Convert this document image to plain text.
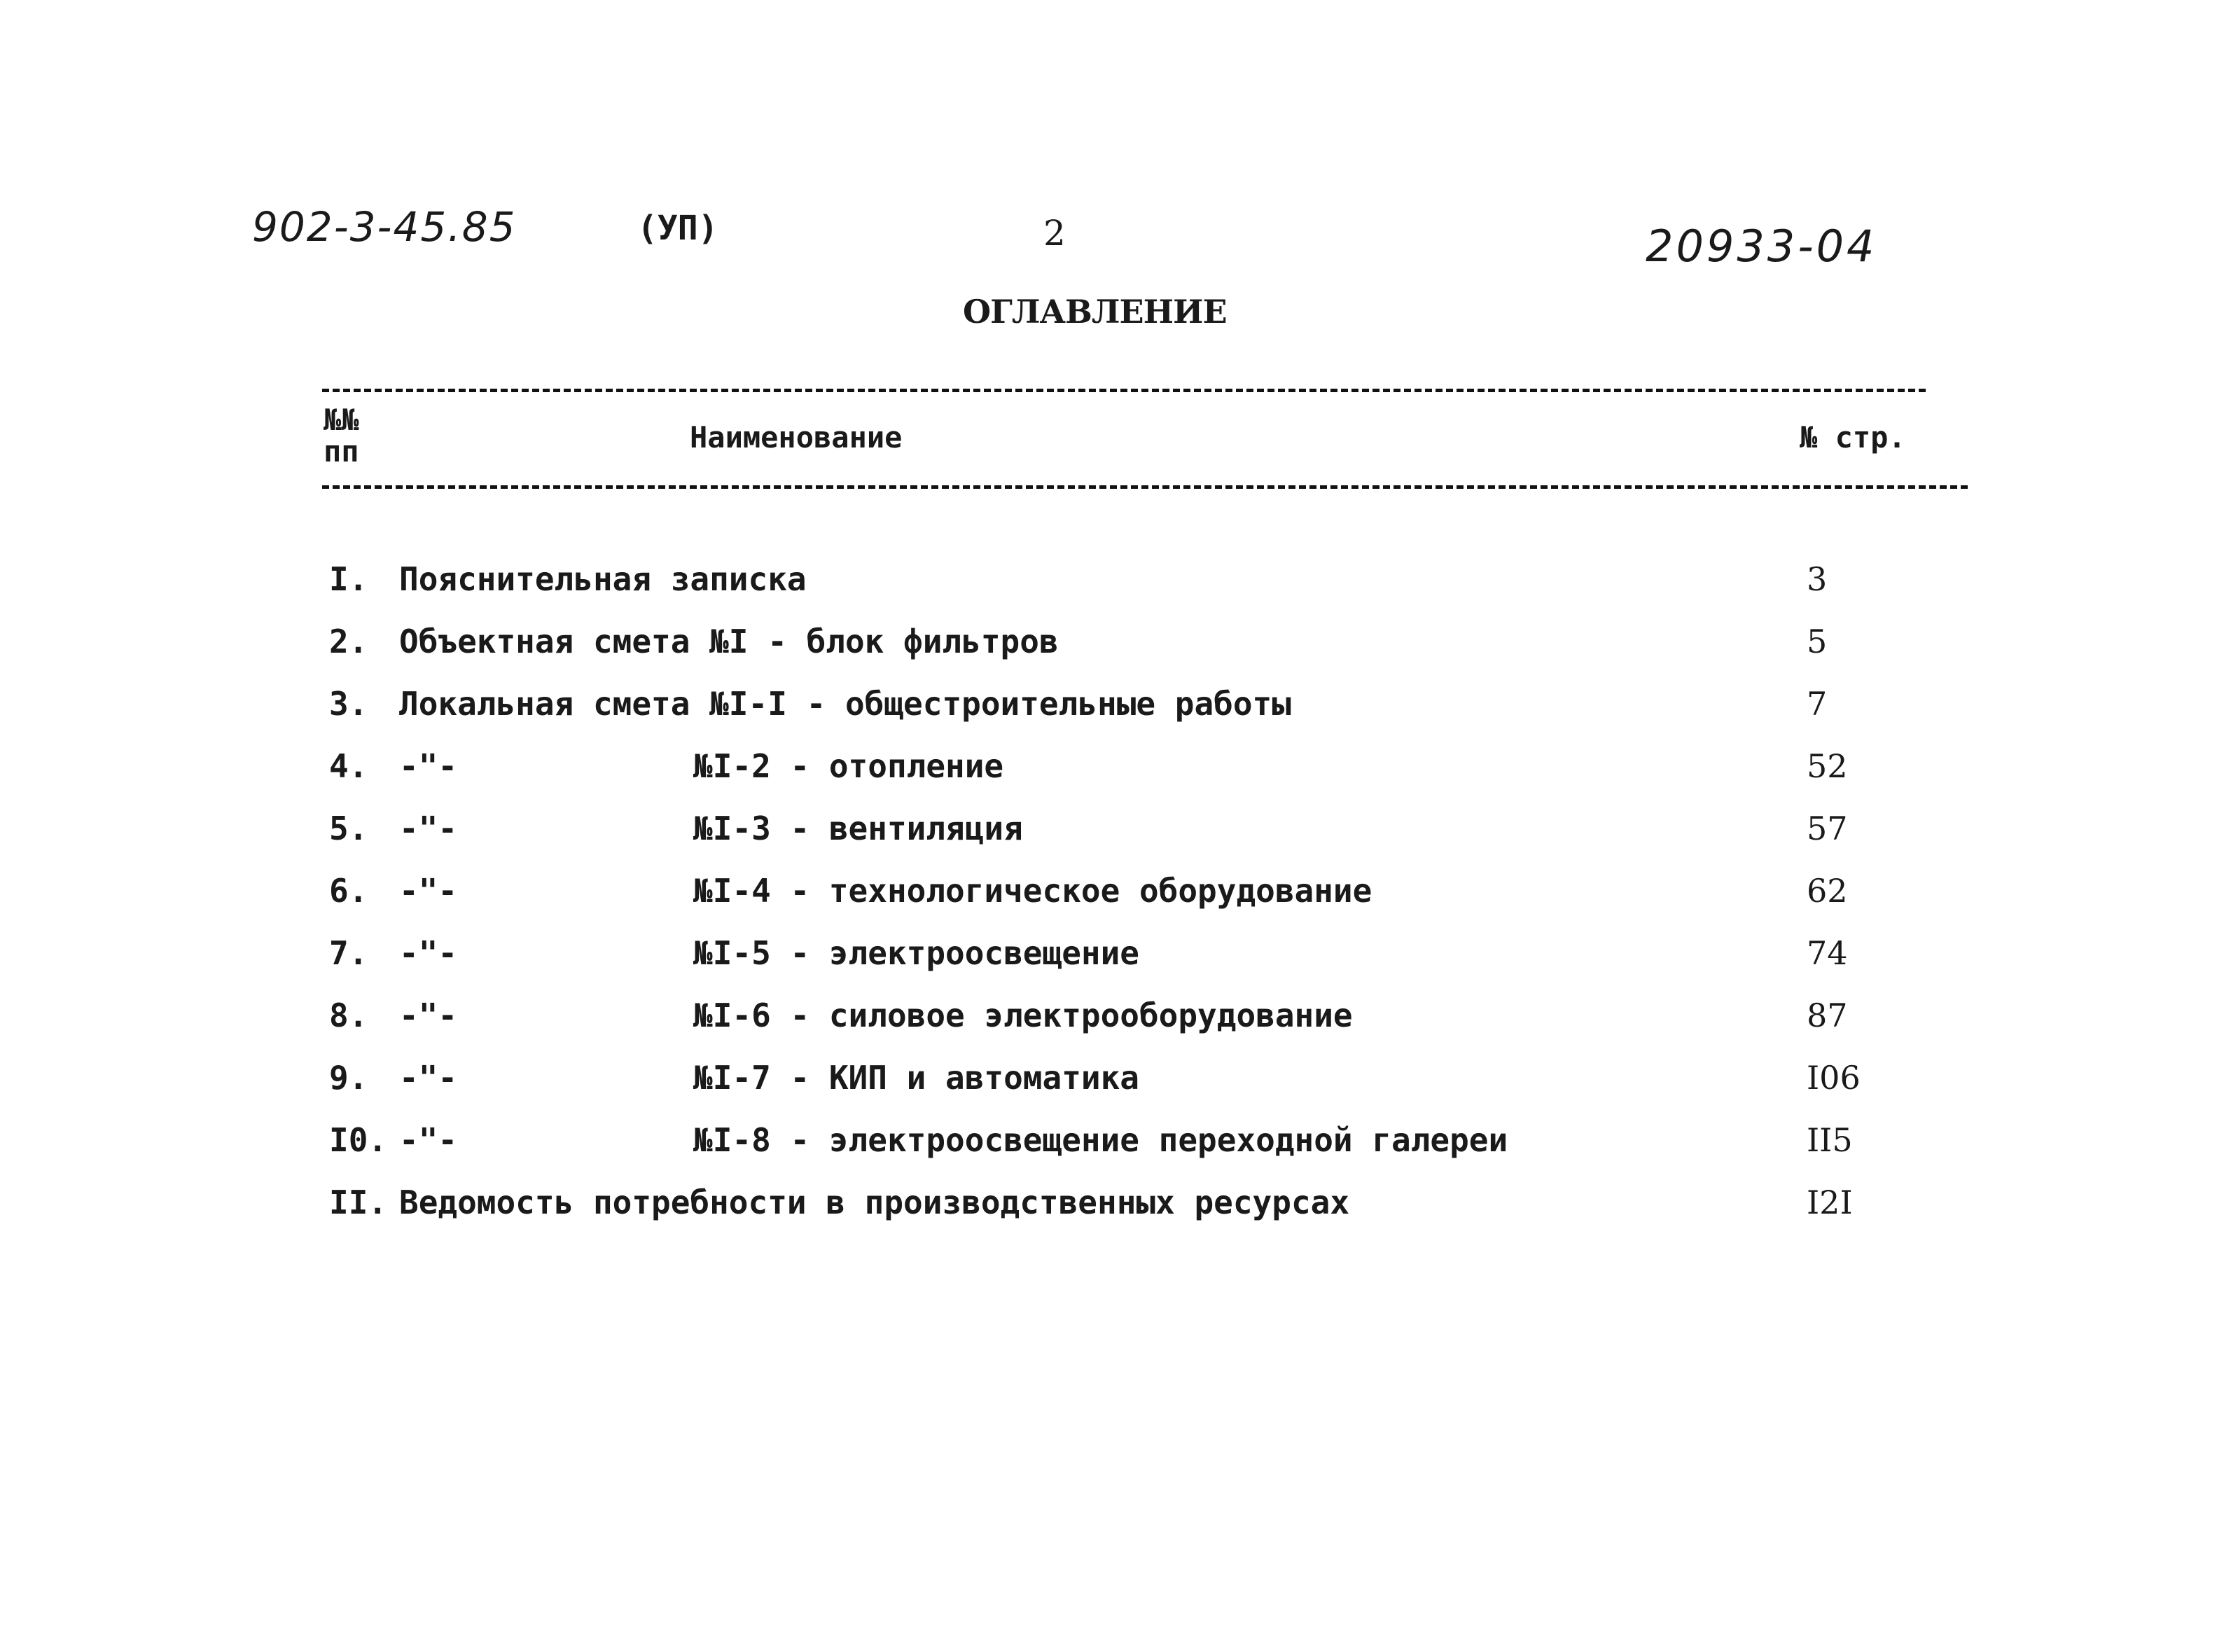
902-3-45.85	(УП)	2	20933-04
ОГЛАВЛЕНИЕ
№№
пп	Наименование	№ стр.
I. Пояснительная записка	3
2. Объектная смета №I - блок фильтров	5
3. Локальная смета №I-I - общестроительные работы	7
4. -"-	№I-2 - отопление	52
5. -"-	№I-3 - вентиляция	57
6. -"-	№I-4 - технологическое оборудование	62
7. -"-	№I-5 - электроосвещение	74
8. -"-	№I-6 - силовое электрооборудование	87
9. -"-	№I-7 - КИП и автоматика	I06
I0. -"-	№I-8 - электроосвещение переходной галереи	II5
II. Ведомость потребности в производственных ресурсах	I2I
